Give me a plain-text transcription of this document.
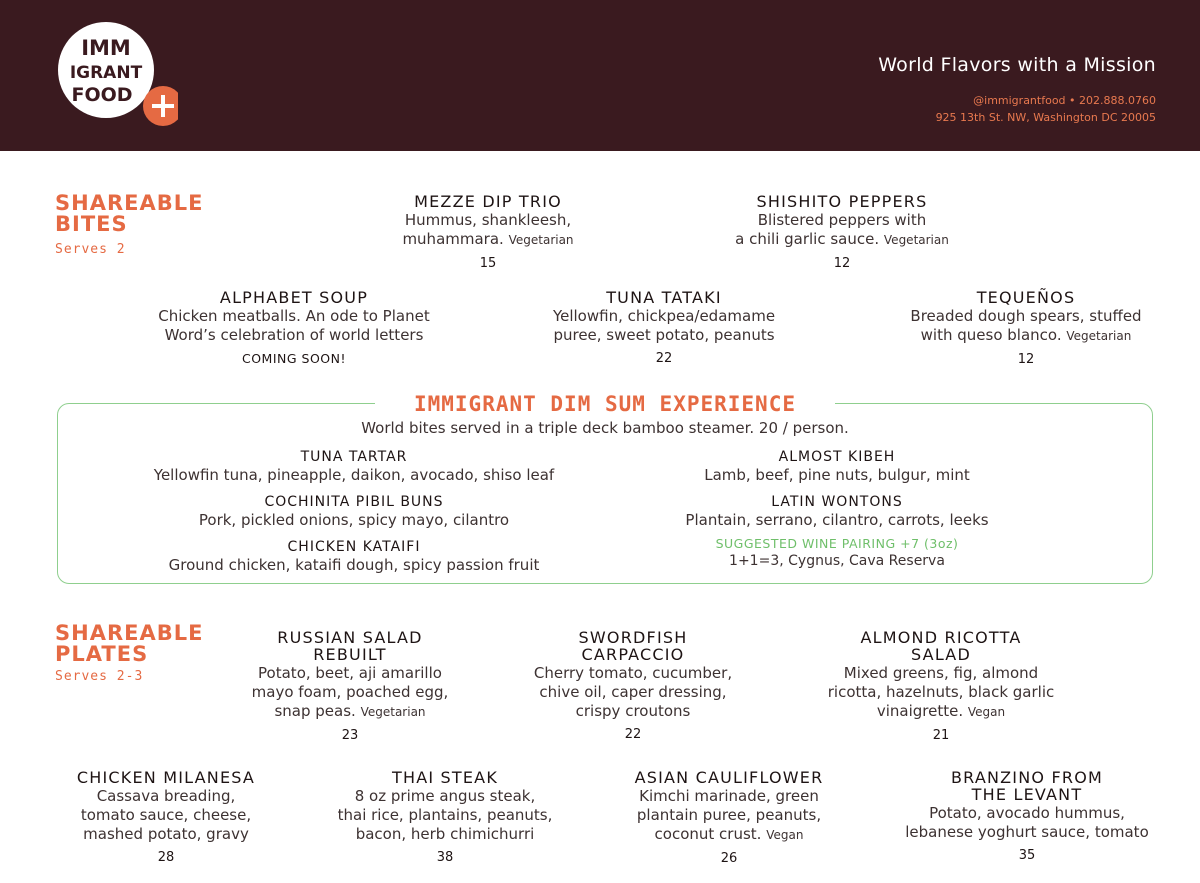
IMM
IGRANT
FOOD
World Flavors with a Mission
@immigrantfood • 202.888.0760
925 13th St. NW, Washington DC 20005
SHAREABLE BITES
Serves 2
MEZZE DIP TRIO
Hummus, shankleesh,
muhammara. Vegetarian
15
SHISHITO PEPPERS
Blistered peppers with
a chili garlic sauce. Vegetarian
12
ALPHABET SOUP
Chicken meatballs. An ode to Planet
Word’s celebration of world letters
COMING SOON!
TUNA TATAKI
Yellowfin, chickpea/edamame
puree, sweet potato, peanuts
22
TEQUEÑOS
Breaded dough spears, stuffed
with queso blanco. Vegetarian
12
IMMIGRANT DIM SUM EXPERIENCE
World bites served in a triple deck bamboo steamer. 20 / person.
TUNA TARTAR
Yellowfin tuna, pineapple, daikon, avocado, shiso leaf
COCHINITA PIBIL BUNS
Pork, pickled onions, spicy mayo, cilantro
CHICKEN KATAIFI
Ground chicken, kataifi dough, spicy passion fruit
ALMOST KIBEH
Lamb, beef, pine nuts, bulgur, mint
LATIN WONTONS
Plantain, serrano, cilantro, carrots, leeks
SUGGESTED WINE PAIRING +7 (3oz)
1+1=3, Cygnus, Cava Reserva
SHAREABLE PLATES
Serves 2-3
RUSSIAN SALAD
REBUILT
Potato, beet, aji amarillo
mayo foam, poached egg,
snap peas. Vegetarian
23
SWORDFISH
CARPACCIO
Cherry tomato, cucumber,
chive oil, caper dressing,
crispy croutons
22
ALMOND RICOTTA
SALAD
Mixed greens, fig, almond
ricotta, hazelnuts, black garlic
vinaigrette. Vegan
21
CHICKEN MILANESA
Cassava breading,
tomato sauce, cheese,
mashed potato, gravy
28
THAI STEAK
8 oz prime angus steak,
thai rice, plantains, peanuts,
bacon, herb chimichurri
38
ASIAN CAULIFLOWER
Kimchi marinade, green
plantain puree, peanuts,
coconut crust. Vegan
26
BRANZINO FROM
THE LEVANT
Potato, avocado hummus,
lebanese yoghurt sauce, tomato
35
